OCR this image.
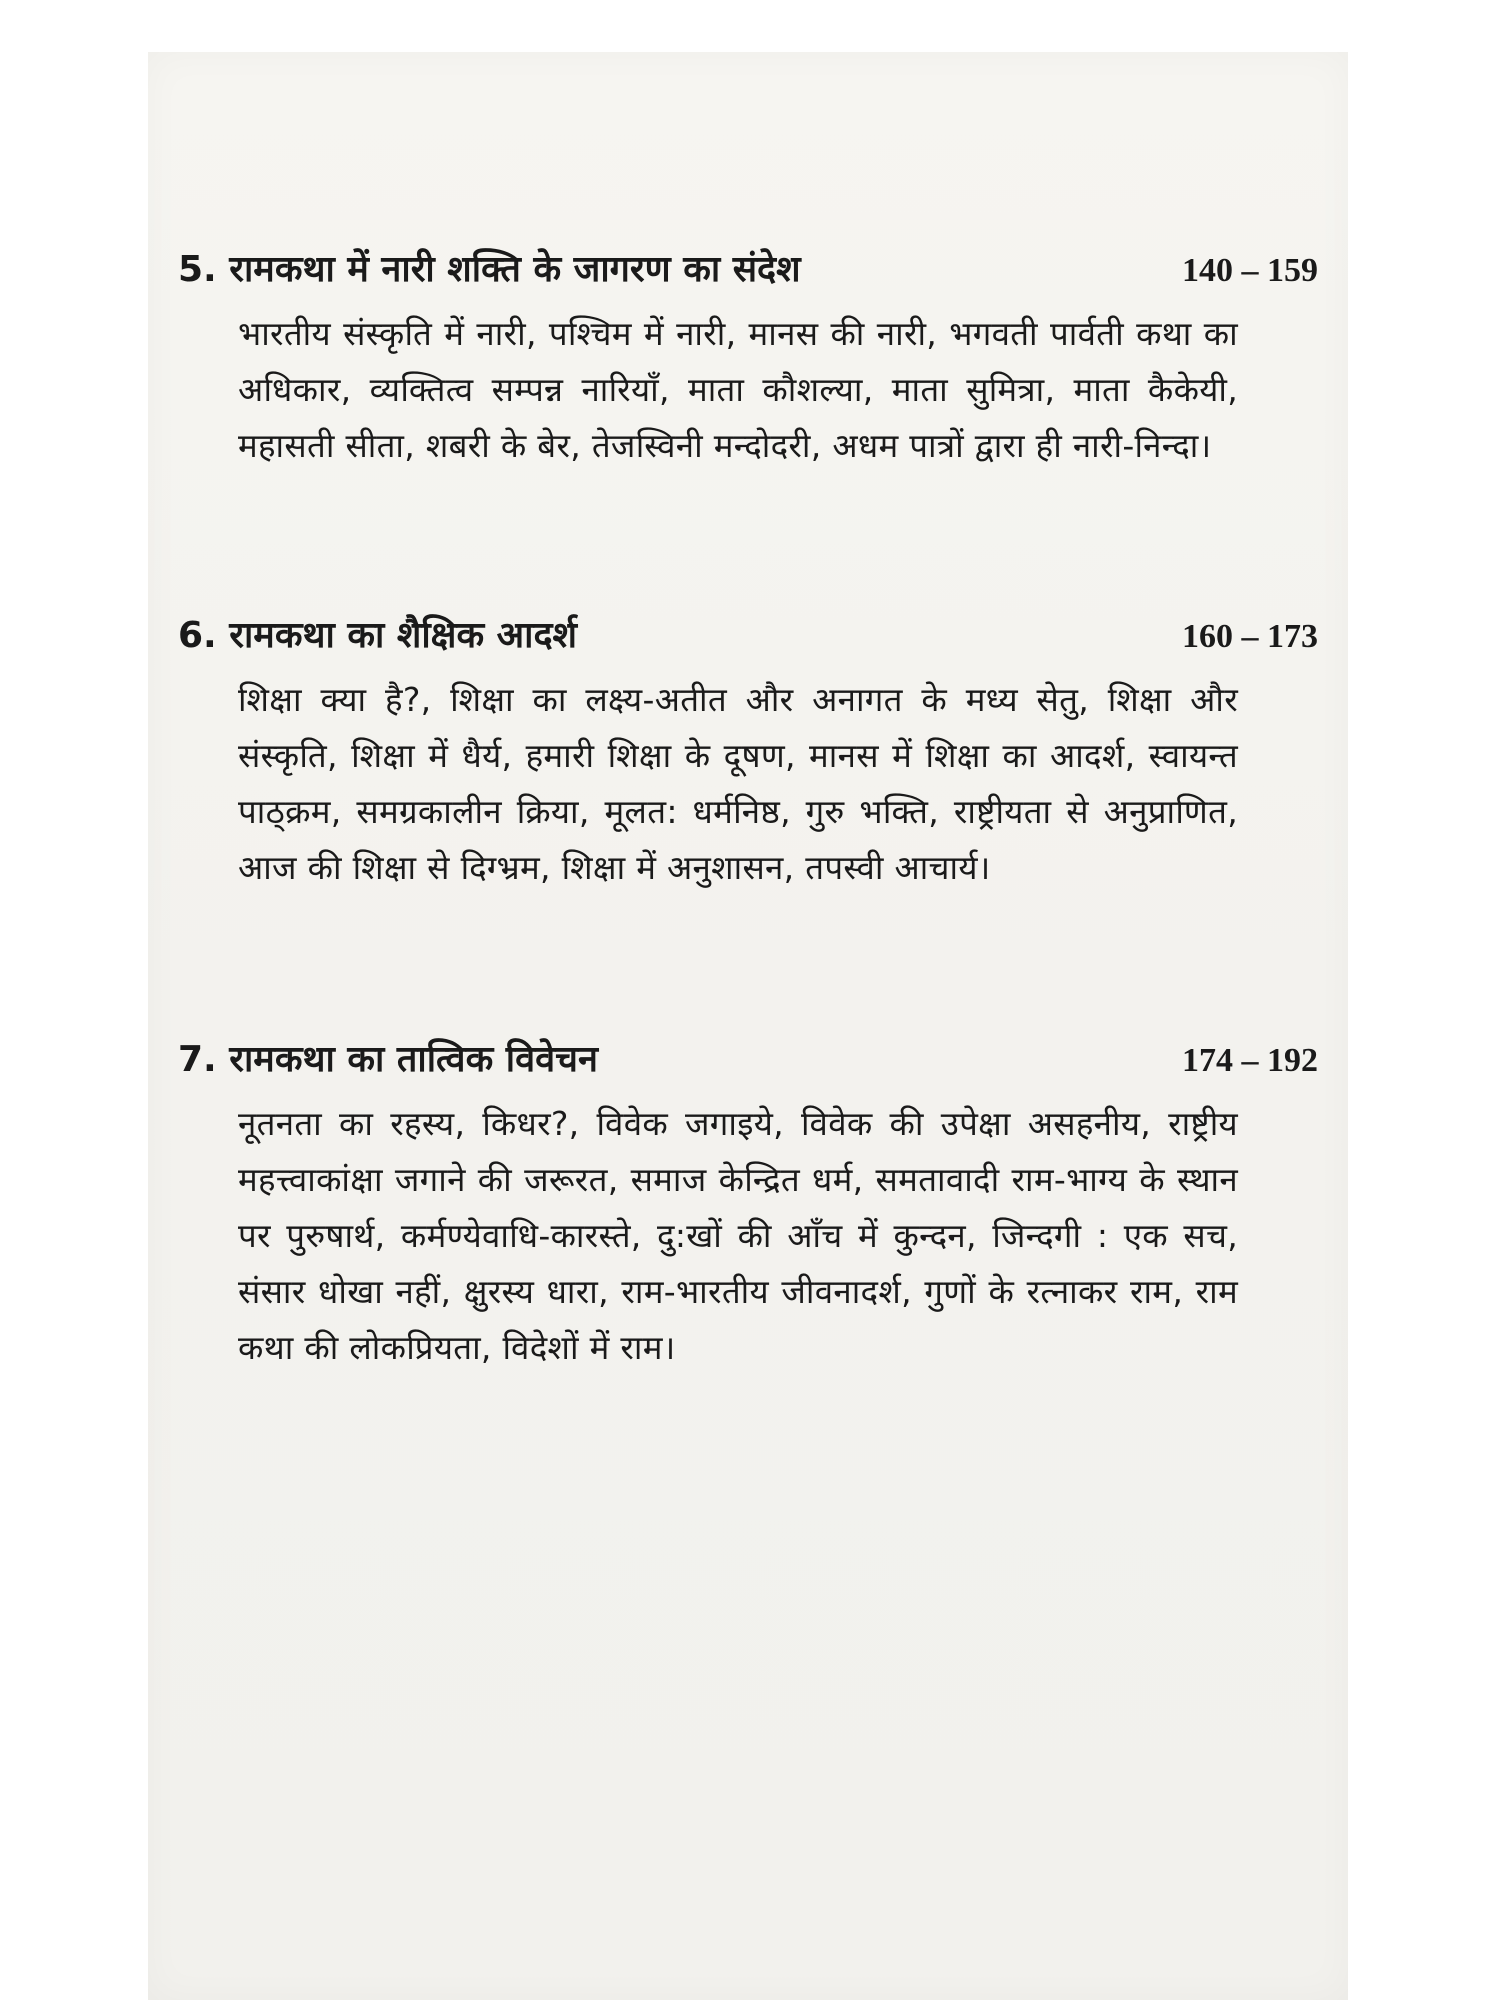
5. रामकथा में नारी शक्ति के जागरण का संदेश	140 – 159
भारतीय संस्कृति में नारी, पश्चिम में नारी, मानस की नारी, भगवती पार्वती कथा का अधिकार, व्यक्तित्व सम्पन्न नारियाँ, माता कौशल्या, माता सुमित्रा, माता कैकेयी, महासती सीता, शबरी के बेर, तेजस्विनी मन्दोदरी, अधम पात्रों द्वारा ही नारी-निन्दा।
6. रामकथा का शैक्षिक आदर्श	160 – 173
शिक्षा क्या है?, शिक्षा का लक्ष्य-अतीत और अनागत के मध्य सेतु, शिक्षा और संस्कृति, शिक्षा में धैर्य, हमारी शिक्षा के दूषण, मानस में शिक्षा का आदर्श, स्वायन्त पाठ्क्रम, समग्रकालीन क्रिया, मूलत: धर्मनिष्ठ, गुरु भक्ति, राष्ट्रीयता से अनुप्राणित, आज की शिक्षा से दिग्भ्रम, शिक्षा में अनुशासन, तपस्वी आचार्य।
7. रामकथा का तात्विक विवेचन	174 – 192
नूतनता का रहस्य, किधर?, विवेक जगाइये, विवेक की उपेक्षा असहनीय, राष्ट्रीय महत्त्वाकांक्षा जगाने की जरूरत, समाज केन्द्रित धर्म, समतावादी राम-भाग्य के स्थान पर पुरुषार्थ, कर्मण्येवाधि-कारस्ते, दु:खों की आँच में कुन्दन, जिन्दगी : एक सच, संसार धोखा नहीं, क्षुरस्य धारा, राम-भारतीय जीवनादर्श, गुणों के रत्नाकर राम, राम कथा की लोकप्रियता, विदेशों में राम।
